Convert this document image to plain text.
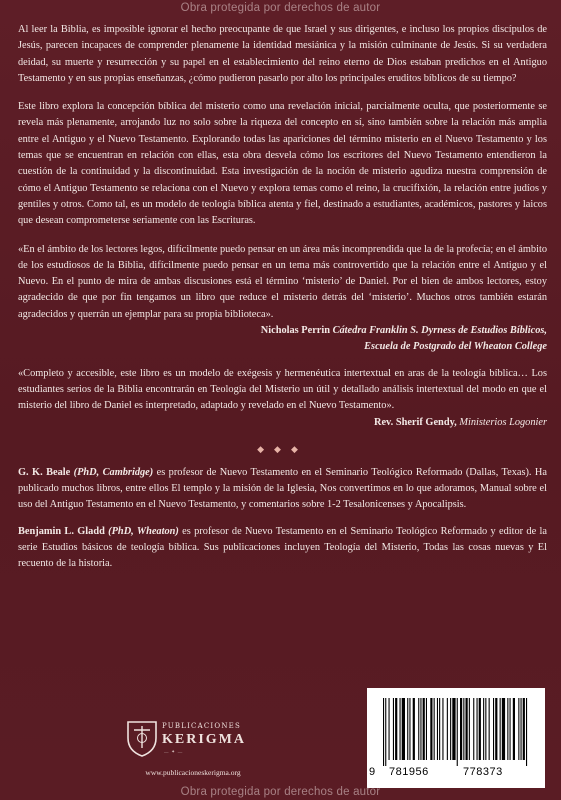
Obra protegida por derechos de autor

Al leer la Biblia, es imposible ignorar el hecho preocupante de que Israel y sus dirigentes, e incluso los propios discípulos de Jesús, parecen incapaces de comprender plenamente la identidad mesiánica y la misión culminante de Jesús. Si su verdadera deidad, su muerte y resurrección y su papel en el establecimiento del reino eterno de Dios estaban predichos en el Antiguo Testamento y en sus propias enseñanzas, ¿cómo pudieron pasarlo por alto los principales eruditos bíblicos de su tiempo?

Este libro explora la concepción bíblica del misterio como una revelación inicial, parcialmente oculta, que posteriormente se revela más plenamente, arrojando luz no solo sobre la riqueza del concepto en sí, sino también sobre la relación más amplia entre el Antiguo y el Nuevo Testamento. Explorando todas las apariciones del término misterio en el Nuevo Testamento y los temas que se encuentran en relación con ellas, esta obra desvela cómo los escritores del Nuevo Testamento entendieron la cuestión de la continuidad y la discontinuidad. Esta investigación de la noción de misterio agudiza nuestra comprensión de cómo el Antiguo Testamento se relaciona con el Nuevo y explora temas como el reino, la crucifixión, la relación entre judíos y gentiles y otros. Como tal, es un modelo de teología bíblica atenta y fiel, destinado a estudiantes, académicos, pastores y laicos que desean comprometerse seriamente con las Escrituras.

«En el ámbito de los lectores legos, difícilmente puedo pensar en un área más incomprendida que la de la profecía; en el ámbito de los estudiosos de la Biblia, difícilmente puedo pensar en un tema más controvertido que la relación entre el Antiguo y el Nuevo. En el punto de mira de ambas discusiones está el término ‘misterio’ de Daniel. Por el bien de ambos lectores, estoy agradecido de que por fin tengamos un libro que reduce el misterio detrás del ‘misterio’. Muchos otros también estarán agradecidos y querrán un ejemplar para su propia biblioteca».

Nicholas Perrin Cátedra Franklin S. Dyrness de Estudios Bíblicos,
Escuela de Postgrado del Wheaton College

«Completo y accesible, este libro es un modelo de exégesis y hermenéutica intertextual en aras de la teología bíblica… Los estudiantes serios de la Biblia encontrarán en Teología del Misterio un útil y detallado análisis intertextual del modo en que el misterio del libro de Daniel es interpretado, adaptado y revelado en el Nuevo Testamento».

Rev. Sherif Gendy, Ministerios Logonier
◆◆◆

G. K. Beale (PhD, Cambridge) es profesor de Nuevo Testamento en el Seminario Teológico Reformado (Dallas, Texas). Ha publicado muchos libros, entre ellos El templo y la misión de la Iglesia, Nos convertimos en lo que adoramos, Manual sobre el uso del Antiguo Testamento en el Nuevo Testamento, y comentarios sobre 1-2 Tesalonicenses y Apocalipsis.

Benjamin L. Gladd (PhD, Wheaton) es profesor de Nuevo Testamento en el Seminario Teológico Reformado y editor de la serie Estudios básicos de teología bíblica. Sus publicaciones incluyen Teología del Misterio, Todas las cosas nuevas y El recuento de la historia.

PUBLICACIONES
KERIGMA
— ✦ —
www.publicacioneskerigma.org	9 781956	778373
Obra protegida por derechos de autor
